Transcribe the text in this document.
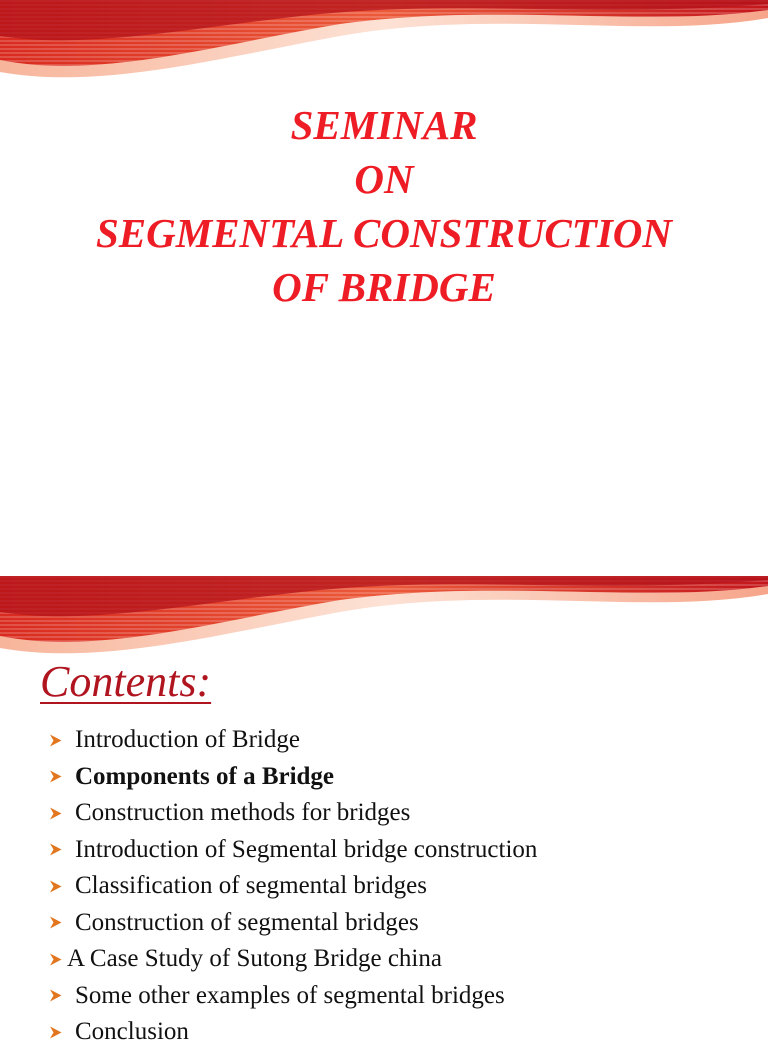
SEMINAR
ON
SEGMENTAL CONSTRUCTION
OF BRIDGE
Contents:
Introduction of Bridge
Components of a Bridge
Construction methods for bridges
Introduction of Segmental bridge construction
Classification of segmental bridges
Construction of segmental bridges
A Case Study of Sutong Bridge china
Some other examples of segmental bridges
Conclusion
